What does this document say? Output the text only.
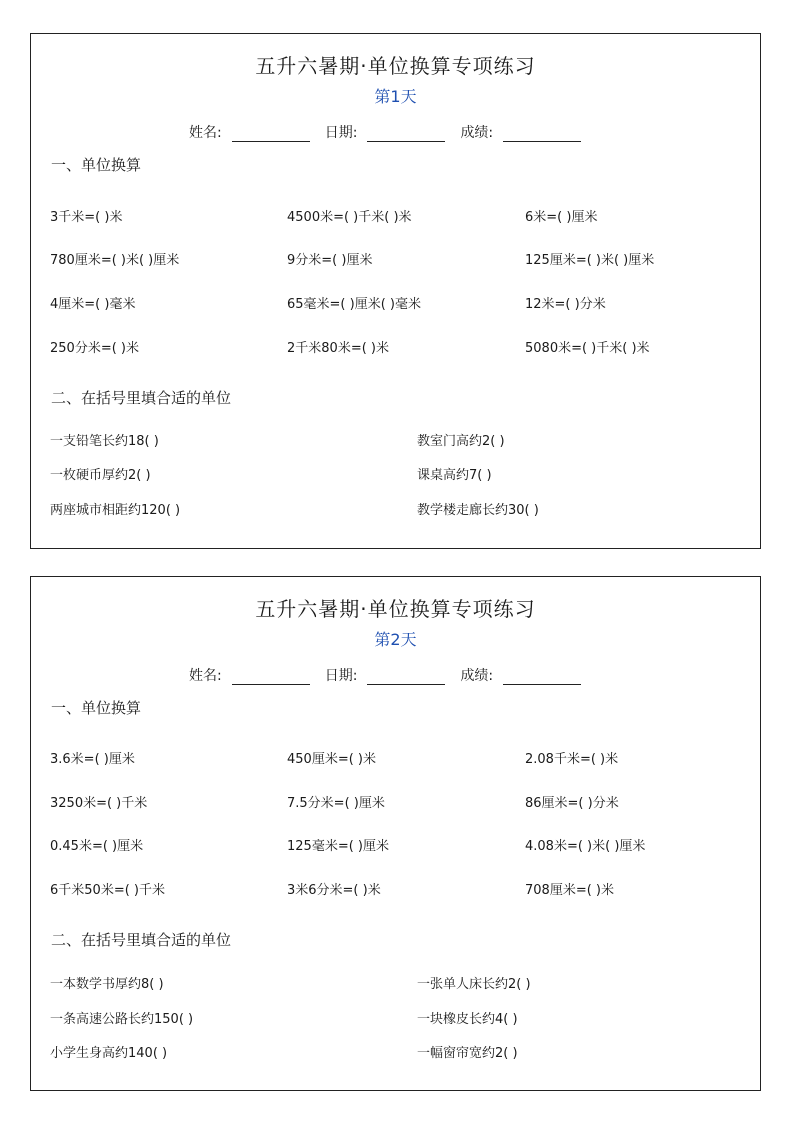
五升六暑期·单位换算专项练习
第1天
姓名:	日期:	成绩:
一、单位换算
3千米=( )米	4500米=( )千米( )米	6米=( )厘米
780厘米=( )米( )厘米	9分米=( )厘米	125厘米=( )米( )厘米
4厘米=( )毫米	65毫米=( )厘米( )毫米	12米=( )分米
250分米=( )米	2千米80米=( )米	5080米=( )千米( )米
二、在括号里填合适的单位
一支铅笔长约18( )	教室门高约2( )
一枚硬币厚约2( )	课桌高约7( )
两座城市相距约120( )	教学楼走廊长约30( )
五升六暑期·单位换算专项练习
第2天
姓名:	日期:	成绩:
一、单位换算
3.6米=( )厘米	450厘米=( )米	2.08千米=( )米
3250米=( )千米	7.5分米=( )厘米	86厘米=( )分米
0.45米=( )厘米	125毫米=( )厘米	4.08米=( )米( )厘米
6千米50米=( )千米	3米6分米=( )米	708厘米=( )米
二、在括号里填合适的单位
一本数学书厚约8( )	一张单人床长约2( )
一条高速公路长约150( )	一块橡皮长约4( )
小学生身高约140( )	一幅窗帘宽约2( )
